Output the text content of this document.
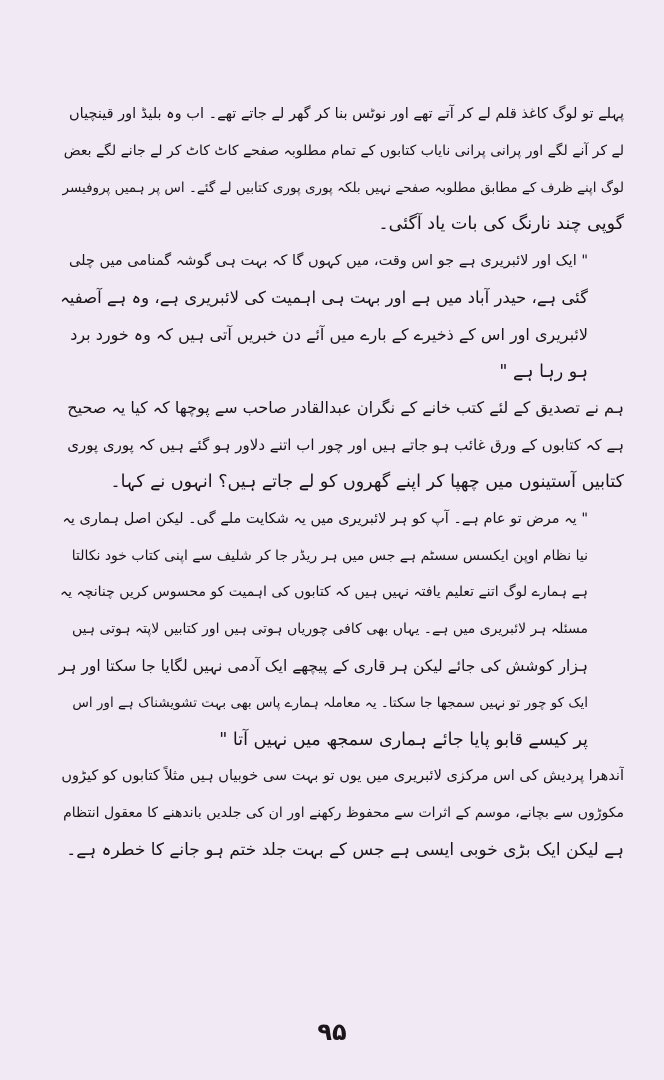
پہلے تو لوگ کاغذ قلم لے کر آتے تھے اور نوٹس بنا کر گھر لے جاتے تھے۔ اب وہ بلیڈ اور قینچیاں
لے کر آنے لگے اور پرانی پرانی نایاب کتابوں کے تمام مطلوبہ صفحے کاٹ کاٹ کر لے جانے لگے بعض
لوگ اپنے ظرف کے مطابق مطلوبہ صفحے نہیں بلکہ پوری پوری کتابیں لے گئے۔ اس پر ہمیں پروفیسر
گوپی چند نارنگ کی بات یاد آگئی۔
" ایک اور لائبریری ہے جو اس وقت، میں کہوں گا کہ بہت ہی گوشہ گمنامی میں چلی
گئی ہے، حیدر آباد میں ہے اور بہت ہی اہمیت کی لائبریری ہے، وہ ہے آصفیہ
لائبریری اور اس کے ذخیرے کے بارے میں آئے دن خبریں آتی ہیں کہ وہ خورد برد
ہو رہا ہے "
ہم نے تصدیق کے لئے کتب خانے کے نگران عبدالقادر صاحب سے پوچھا کہ کیا یہ صحیح
ہے کہ کتابوں کے ورق غائب ہو جاتے ہیں اور چور اب اتنے دلاور ہو گئے ہیں کہ پوری پوری
کتابیں آستینوں میں چھپا کر اپنے گھروں کو لے جاتے ہیں؟ انہوں نے کہا۔
" یہ مرض تو عام ہے۔ آپ کو ہر لائبریری میں یہ شکایت ملے گی۔ لیکن اصل ہماری یہ
نیا نظام اوپن ایکسس سسٹم ہے جس میں ہر ریڈر جا کر شلیف سے اپنی کتاب خود نکالتا
ہے ہمارے لوگ اتنے تعلیم یافتہ نہیں ہیں کہ کتابوں کی اہمیت کو محسوس کریں چنانچہ یہ
مسئلہ ہر لائبریری میں ہے۔ یہاں بھی کافی چوریاں ہوتی ہیں اور کتابیں لاپتہ ہوتی ہیں
ہزار کوشش کی جائے لیکن ہر قاری کے پیچھے ایک آدمی نہیں لگایا جا سکتا اور ہر
ایک کو چور تو نہیں سمجھا جا سکتا۔ یہ معاملہ ہمارے پاس بھی بہت تشویشناک ہے اور اس
پر کیسے قابو پایا جائے ہماری سمجھ میں نہیں آتا "
آندھرا پردیش کی اس مرکزی لائبریری میں یوں تو بہت سی خوبیاں ہیں مثلاً کتابوں کو کیڑوں
مکوڑوں سے بچانے، موسم کے اثرات سے محفوظ رکھنے اور ان کی جلدیں باندھنے کا معقول انتظام
ہے لیکن ایک بڑی خوبی ایسی ہے جس کے بہت جلد ختم ہو جانے کا خطرہ ہے۔
۹۵
